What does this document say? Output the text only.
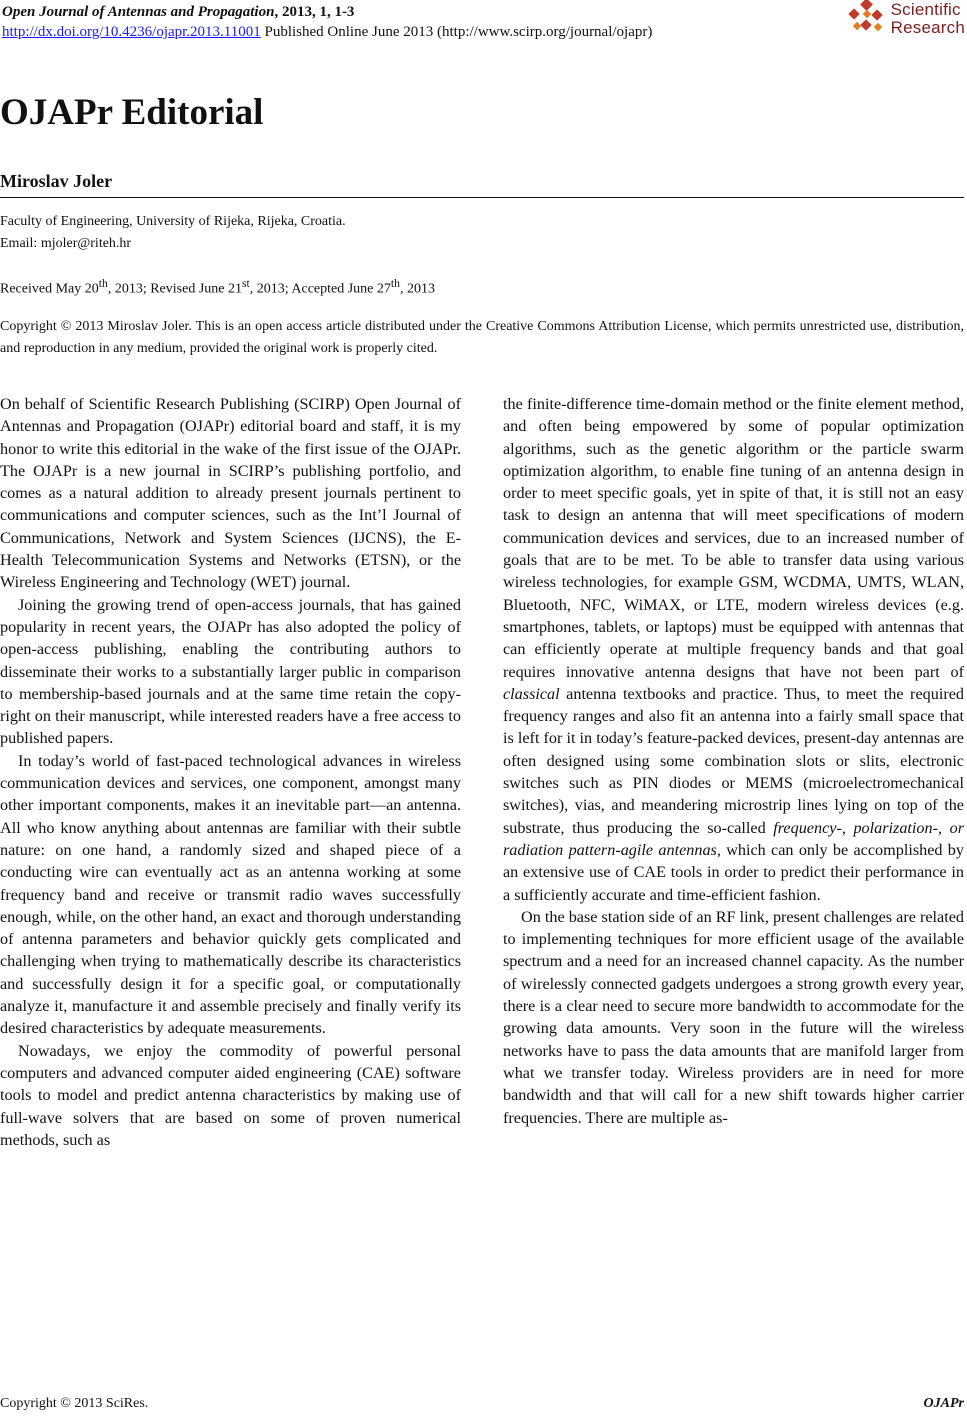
Open Journal of Antennas and Propagation, 2013, 1, 1-3
http://dx.doi.org/10.4236/ojapr.2013.11001 Published Online June 2013 (http://www.scirp.org/journal/ojapr)
Scientific
Research
OJAPr Editorial
Miroslav Joler
Faculty of Engineering, University of Rijeka, Rijeka, Croatia.
Email: mjoler@riteh.hr
Received May 20th, 2013; Revised June 21st, 2013; Accepted June 27th, 2013
Copyright © 2013 Miroslav Joler. This is an open access article distributed under the Creative Commons Attribution License, which permits unrestricted use, distribution, and reproduction in any medium, provided the original work is properly cited.

On behalf of Scientific Research Publishing (SCIRP) Open Journal of Antennas and Propagation (OJAPr) editorial board and staff, it is my honor to write this editorial in the wake of the first issue of the OJAPr. The OJAPr is a new journal in SCIRP’s publishing portfolio, and comes as a natural addition to already present journals pertinent to communications and computer sciences, such as the Int’l Journal of Communications, Network and System Sciences (IJCNS), the E-Health Telecommunication Systems and Networks (ETSN), or the Wireless Engineering and Technology (WET) journal.

Joining the growing trend of open-access journals, that has gained popularity in recent years, the OJAPr has also adopted the policy of open-access publishing, enabling the contributing authors to disseminate their works to a substantially larger public in comparison to membership-based journals and at the same time retain the copyright on their manuscript, while interested readers have a free access to published papers.

In today’s world of fast-paced technological advances in wireless communication devices and services, one component, amongst many other important components, makes it an inevitable part—an antenna. All who know anything about antennas are familiar with their subtle nature: on one hand, a randomly sized and shaped piece of a conducting wire can eventually act as an antenna working at some frequency band and receive or transmit radio waves successfully enough, while, on the other hand, an exact and thorough understanding of antenna parameters and behavior quickly gets complicated and challenging when trying to mathematically describe its characteristics and successfully design it for a specific goal, or computationally analyze it, manufacture it and assemble precisely and finally verify its desired characteristics by adequate measurements.

Nowadays, we enjoy the commodity of powerful personal computers and advanced computer aided engineering (CAE) software tools to model and predict antenna characteristics by making use of full-wave solvers that are based on some of proven numerical methods, such as

the finite-difference time-domain method or the finite element method, and often being empowered by some of popular optimization algorithms, such as the genetic algorithm or the particle swarm optimization algorithm, to enable fine tuning of an antenna design in order to meet specific goals, yet in spite of that, it is still not an easy task to design an antenna that will meet specifications of modern communication devices and services, due to an increased number of goals that are to be met. To be able to transfer data using various wireless technologies, for example GSM, WCDMA, UMTS, WLAN, Bluetooth, NFC, WiMAX, or LTE, modern wireless devices (e.g. smartphones, tablets, or laptops) must be equipped with antennas that can efficiently operate at multiple frequency bands and that goal requires innovative antenna designs that have not been part of classical antenna textbooks and practice. Thus, to meet the required frequency ranges and also fit an antenna into a fairly small space that is left for it in today’s feature-packed devices, present-day antennas are often designed using some combination slots or slits, electronic switches such as PIN diodes or MEMS (microelectromechanical switches), vias, and meandering microstrip lines lying on top of the substrate, thus producing the so-called frequency-, polarization-, or radiation pattern-agile antennas, which can only be accomplished by an extensive use of CAE tools in order to predict their performance in a sufficiently accurate and time-efficient fashion.

On the base station side of an RF link, present challenges are related to implementing techniques for more efficient usage of the available spectrum and a need for an increased channel capacity. As the number of wirelessly connected gadgets undergoes a strong growth every year, there is a clear need to secure more bandwidth to accommodate for the growing data amounts. Very soon in the future will the wireless networks have to pass the data amounts that are manifold larger from what we transfer today. Wireless providers are in need for more bandwidth and that will call for a new shift towards higher carrier frequencies. There are multiple as-

Copyright © 2013 SciRes.	OJAPr
